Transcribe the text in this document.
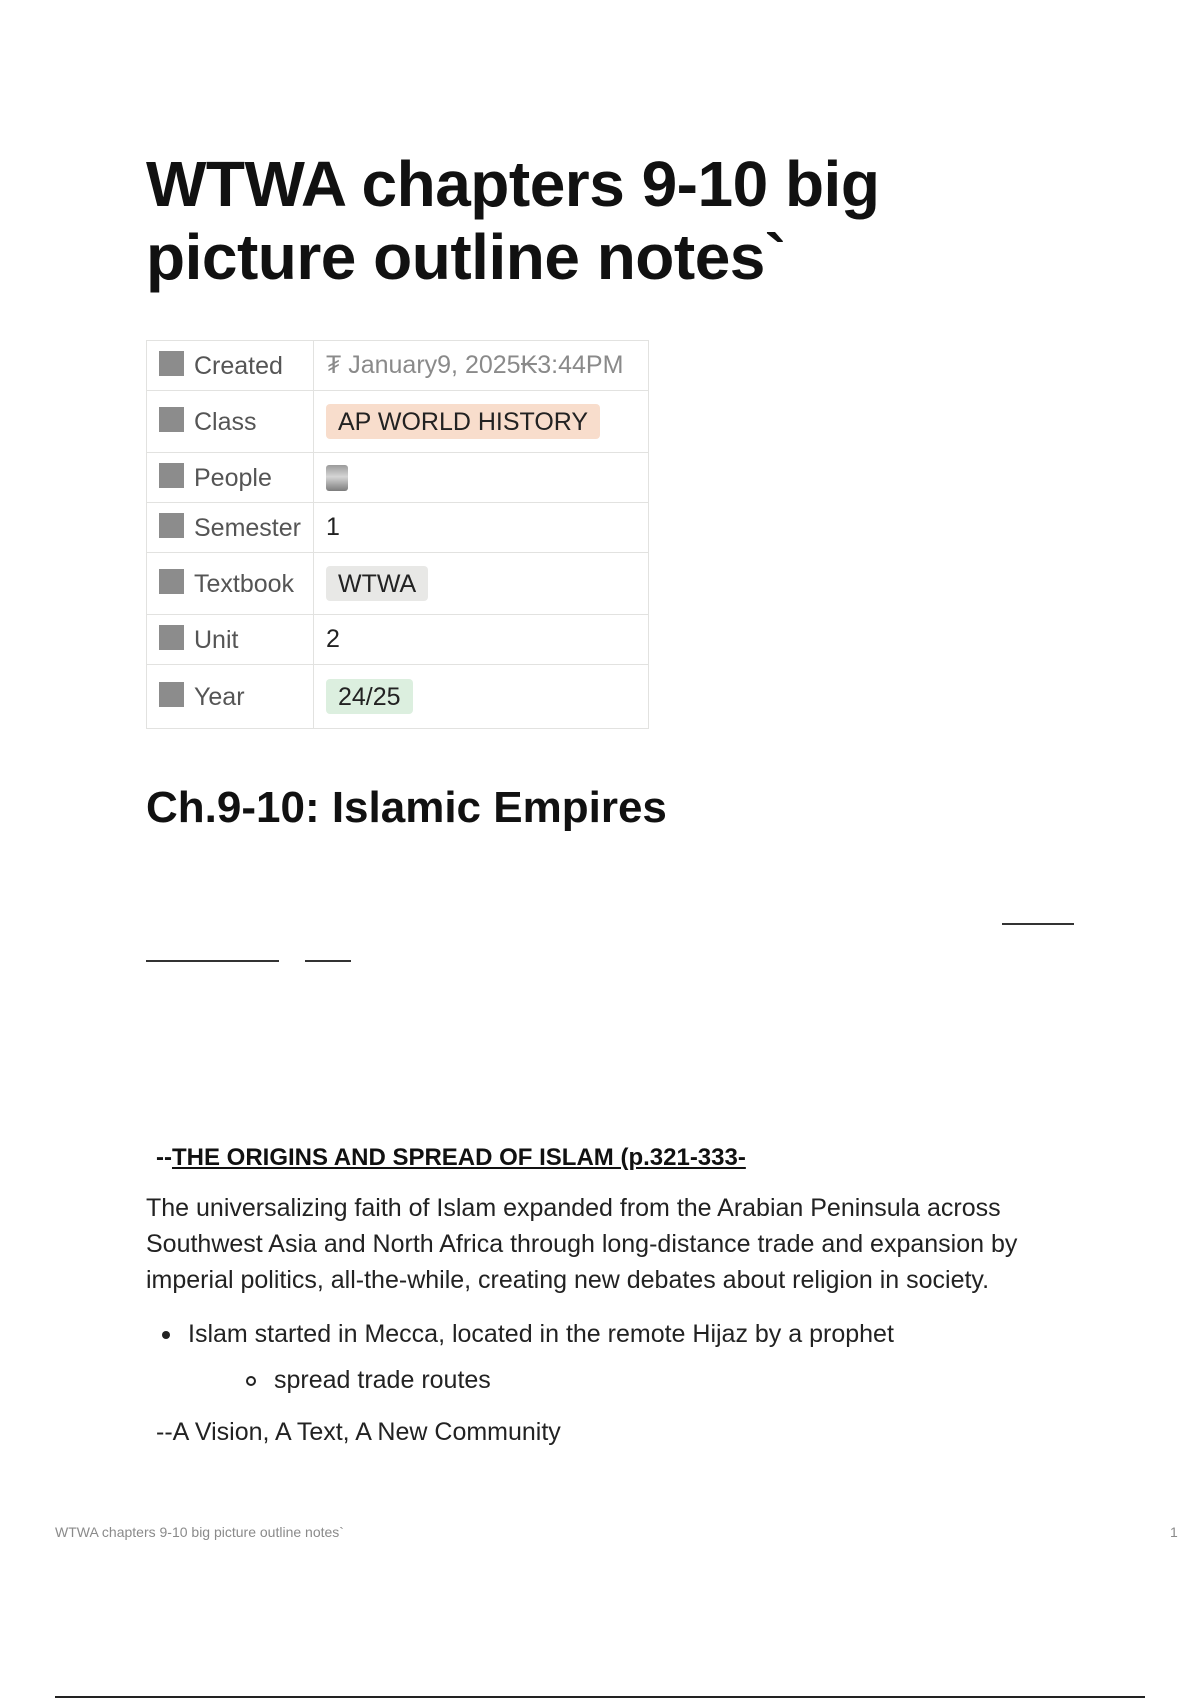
WTWA chapters 9-10 big picture outline notes`
Created	₮ January9, 2025₭3:44PM
Class	AP WORLD HISTORY
People	
Semester	1
Textbook	WTWA
Unit	2
Year	24/25
Ch.9-10: Islamic Empires
--THE ORIGINS AND SPREAD OF ISLAM (p.321-333-

The universalizing faith of Islam expanded from the Arabian Peninsula across Southwest Asia and North Africa through long-distance trade and expansion by imperial politics, all-the-while, creating new debates about religion in society.

Islam started in Mecca, located in the remote Hijaz by a prophet
spread trade routes
--A Vision, A Text, A New Community
WTWA chapters 9-10 big picture outline notes`	1
